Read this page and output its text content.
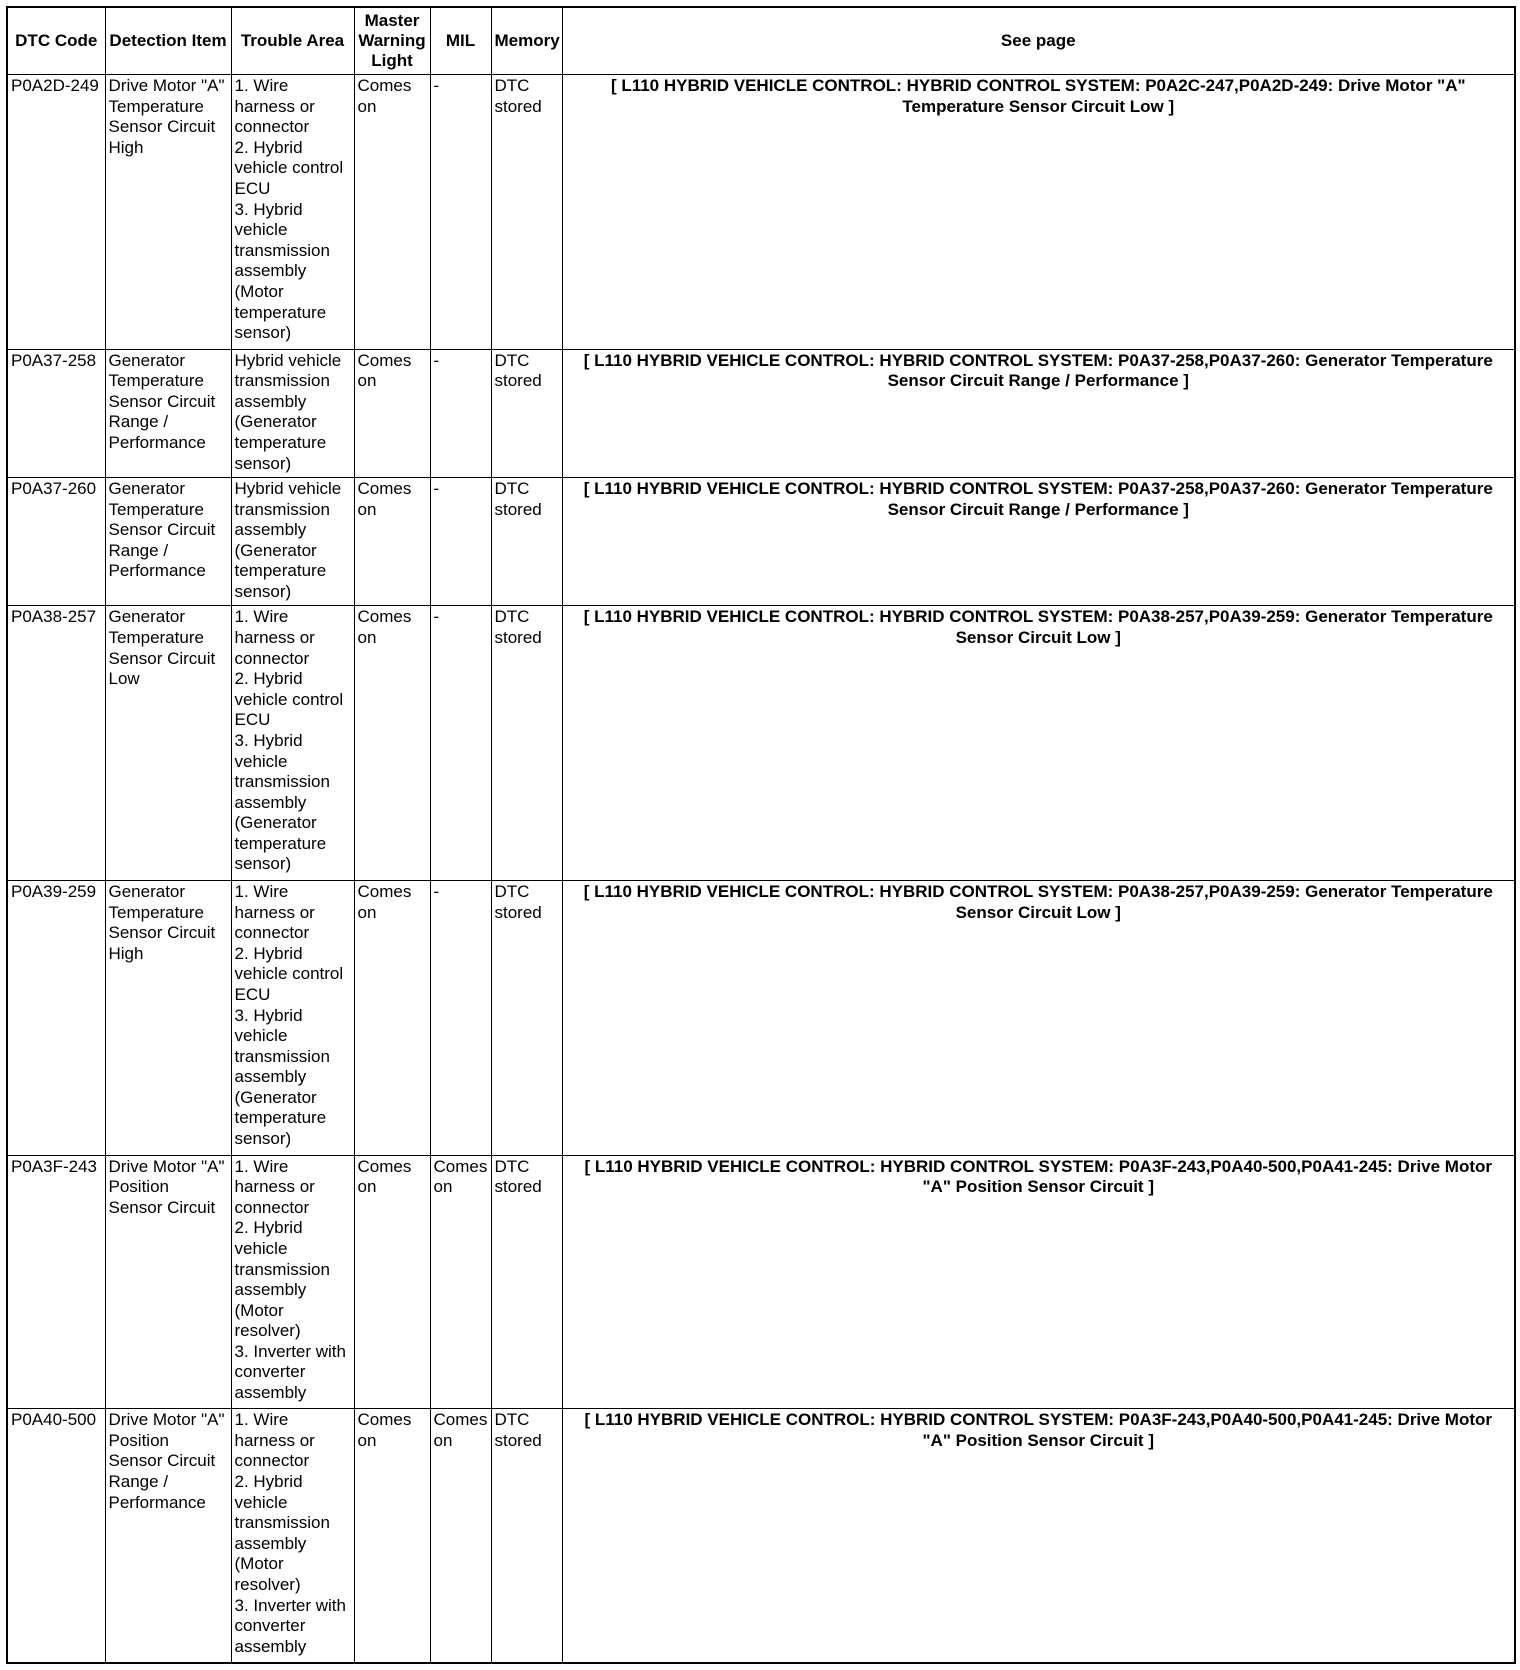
DTC Code	Detection Item	Trouble Area	Master Warning Light	MIL	Memory	See page
P0A2D-249	Drive Motor "A" Temperature Sensor Circuit High	1. Wire harness or connector
2. Hybrid vehicle control ECU
3. Hybrid vehicle transmission assembly (Motor temperature sensor)	Comes on	-	DTC stored	[ L110 HYBRID VEHICLE CONTROL: HYBRID CONTROL SYSTEM: P0A2C-247,P0A2D-249: Drive Motor "A" Temperature Sensor Circuit Low ]
P0A37-258	Generator Temperature Sensor Circuit Range / Performance	Hybrid vehicle transmission assembly (Generator temperature sensor)	Comes on	-	DTC stored	[ L110 HYBRID VEHICLE CONTROL: HYBRID CONTROL SYSTEM: P0A37-258,P0A37-260: Generator Temperature Sensor Circuit Range / Performance ]
P0A37-260	Generator Temperature Sensor Circuit Range / Performance	Hybrid vehicle transmission assembly (Generator temperature sensor)	Comes on	-	DTC stored	[ L110 HYBRID VEHICLE CONTROL: HYBRID CONTROL SYSTEM: P0A37-258,P0A37-260: Generator Temperature Sensor Circuit Range / Performance ]
P0A38-257	Generator Temperature Sensor Circuit Low	1. Wire harness or connector
2. Hybrid vehicle control ECU
3. Hybrid vehicle transmission assembly (Generator temperature sensor)	Comes on	-	DTC stored	[ L110 HYBRID VEHICLE CONTROL: HYBRID CONTROL SYSTEM: P0A38-257,P0A39-259: Generator Temperature Sensor Circuit Low ]
P0A39-259	Generator Temperature Sensor Circuit High	1. Wire harness or connector
2. Hybrid vehicle control ECU
3. Hybrid vehicle transmission assembly (Generator temperature sensor)	Comes on	-	DTC stored	[ L110 HYBRID VEHICLE CONTROL: HYBRID CONTROL SYSTEM: P0A38-257,P0A39-259: Generator Temperature Sensor Circuit Low ]
P0A3F-243	Drive Motor "A" Position Sensor Circuit	1. Wire harness or connector
2. Hybrid vehicle transmission assembly (Motor resolver)
3. Inverter with converter assembly	Comes on	Comes on	DTC stored	[ L110 HYBRID VEHICLE CONTROL: HYBRID CONTROL SYSTEM: P0A3F-243,P0A40-500,P0A41-245: Drive Motor "A" Position Sensor Circuit ]
P0A40-500	Drive Motor "A" Position Sensor Circuit Range / Performance	1. Wire harness or connector
2. Hybrid vehicle transmission assembly (Motor resolver)
3. Inverter with converter assembly	Comes on	Comes on	DTC stored	[ L110 HYBRID VEHICLE CONTROL: HYBRID CONTROL SYSTEM: P0A3F-243,P0A40-500,P0A41-245: Drive Motor "A" Position Sensor Circuit ]
